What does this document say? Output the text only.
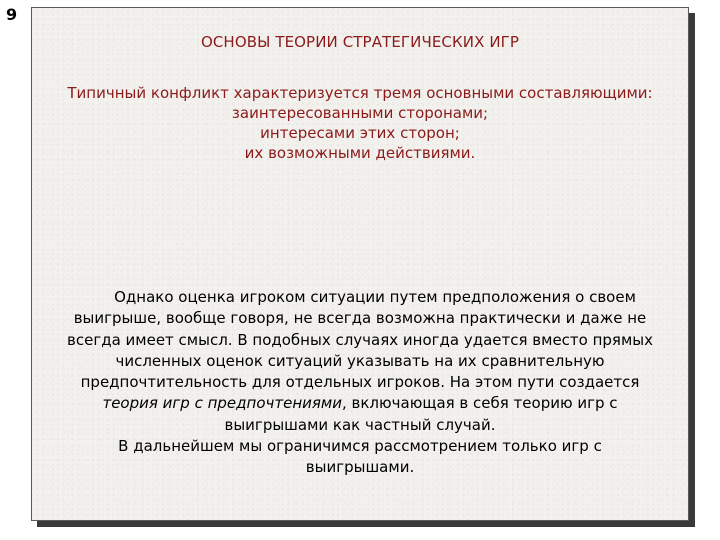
9
ОСНОВЫ ТЕОРИИ СТРАТЕГИЧЕСКИХ ИГР
Типичный конфликт характеризуется тремя основными составляющими:
заинтересованными сторонами;
интересами этих сторон;
их возможными действиями.
Однако оценка игроком ситуации путем предположения о своем
выигрыше, вообще говоря, не всегда возможна практически и даже не
всегда имеет смысл. В подобных случаях иногда удается вместо прямых
численных оценок ситуаций указывать на их сравнительную
предпочтительность для отдельных игроков. На этом пути создается
теория игр с предпочтениями, включающая в себя теорию игр с
выигрышами как частный случай.
В дальнейшем мы ограничимся рассмотрением только игр с
выигрышами.
